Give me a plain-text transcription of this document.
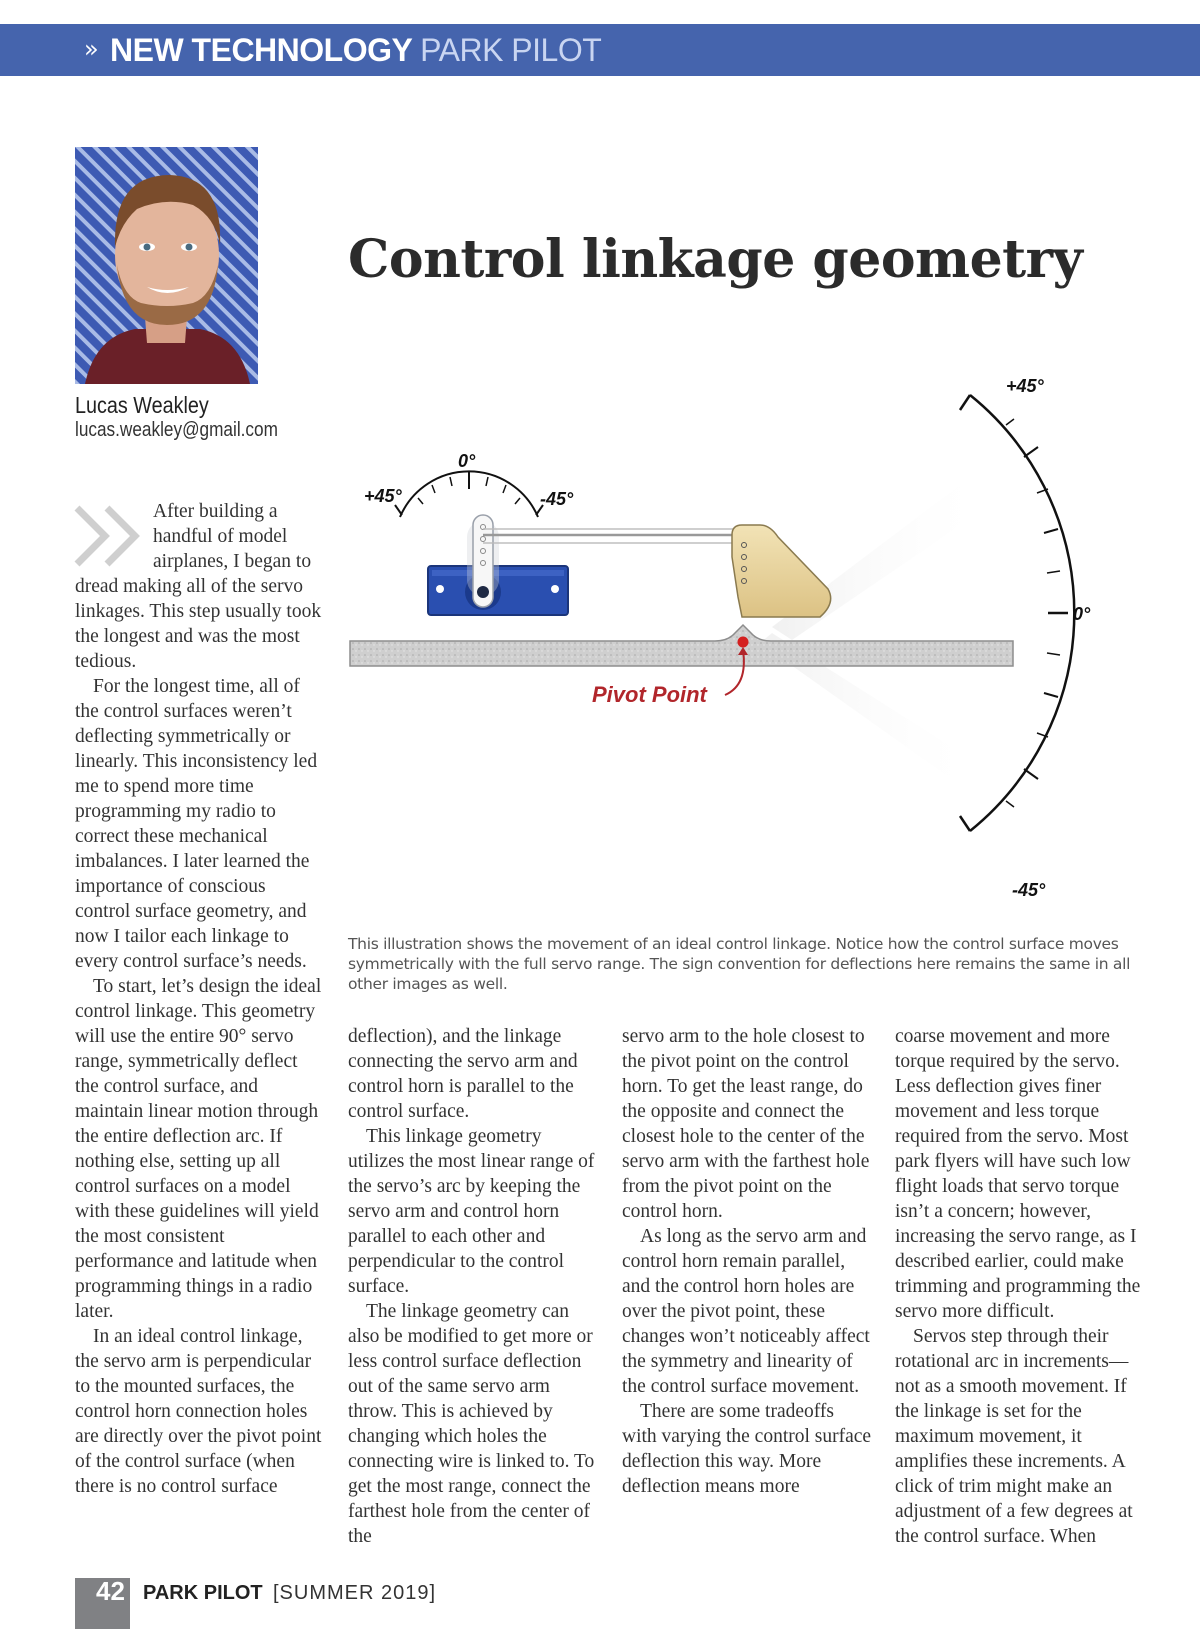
» NEW TECHNOLOGY PARK PILOT
Lucas Weakley
lucas.weakley@gmail.com
Control linkage geometry
0°
+45°	-45°
Pivot Point
+45°
0°
-45°
This illustration shows the movement of an ideal control linkage. Notice how the control surface moves symmetrically with the full servo range. The sign convention for deflections here remains the same in all other images as well.

After building a handful of model airplanes, I began to dread making all of the servo linkages. This step usually took the longest and was the most tedious.

For the longest time, all of the control surfaces weren’t deflecting symmetrically or linearly. This inconsistency led me to spend more time programming my radio to correct these mechanical imbalances. I later learned the importance of conscious control surface geometry, and now I tailor each linkage to every control surface’s needs.

To start, let’s design the ideal control linkage. This geometry will use the entire 90° servo range, symmetrically deflect the control surface, and maintain linear motion through the entire deflection arc. If nothing else, setting up all control surfaces on a model with these guidelines will yield the most consistent performance and latitude when programming things in a radio later.

In an ideal control linkage, the servo arm is perpendicular to the mounted surfaces, the control horn connection holes are directly over the pivot point of the control surface (when there is no control surface

deflection), and the linkage connecting the servo arm and control horn is parallel to the control surface.

This linkage geometry utilizes the most linear range of the servo’s arc by keeping the servo arm and control horn parallel to each other and perpendicular to the control surface.

The linkage geometry can also be modified to get more or less control surface deflection out of the same servo arm throw. This is achieved by changing which holes the connecting wire is linked to. To get the most range, connect the farthest hole from the center of the

servo arm to the hole closest to the pivot point on the control horn. To get the least range, do the opposite and connect the closest hole to the center of the servo arm with the farthest hole from the pivot point on the control horn.

As long as the servo arm and control horn remain parallel, and the control horn holes are over the pivot point, these changes won’t noticeably affect the symmetry and linearity of the control surface movement.

There are some tradeoffs with varying the control surface deflection this way. More deflection means more

coarse movement and more torque required by the servo. Less deflection gives finer movement and less torque required from the servo. Most park flyers will have such low flight loads that servo torque isn’t a concern; however, increasing the servo range, as I described earlier, could make trimming and programming the servo more difficult.

Servos step through their rotational arc in increments—not as a smooth movement. If the linkage is set for the maximum movement, it amplifies these increments. A click of trim might make an adjustment of a few degrees at the control surface. When

42 PARK PILOT [SUMMER 2019]
